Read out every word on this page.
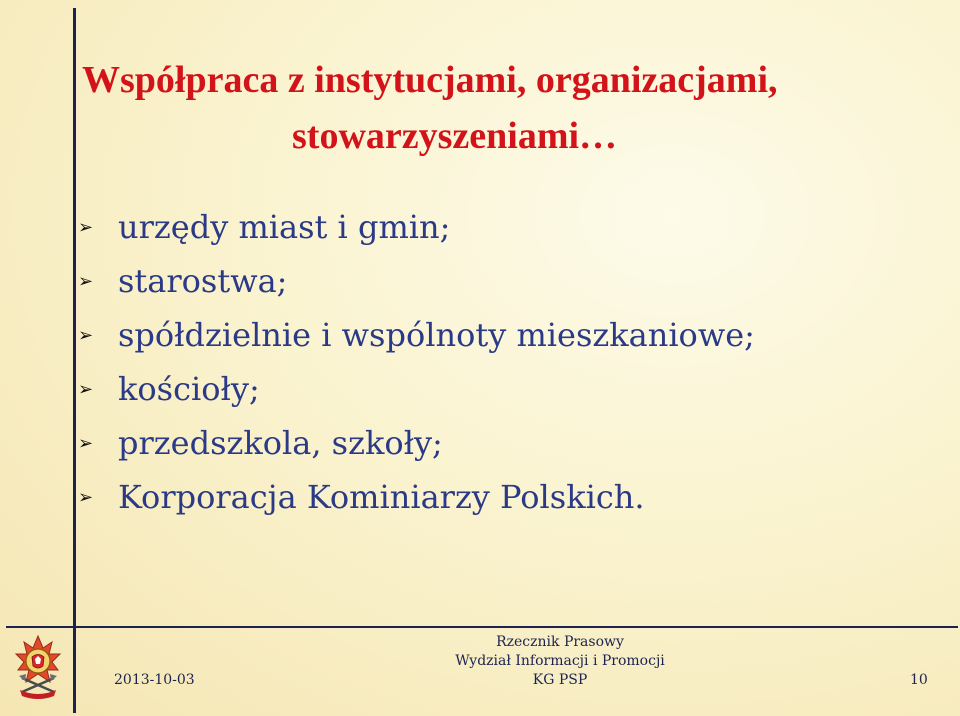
Współpraca z instytucjami, organizacjami,
stowarzyszeniami…
➢ urzędy miast i gmin;
➢ starostwa;
➢ spółdzielnie i wspólnoty mieszkaniowe;
➢ kościoły;
➢ przedszkola, szkoły;
➢ Korporacja Kominiarzy Polskich.
2013-10-03
Rzecznik Prasowy
Wydział Informacji i Promocji
KG PSP	10
